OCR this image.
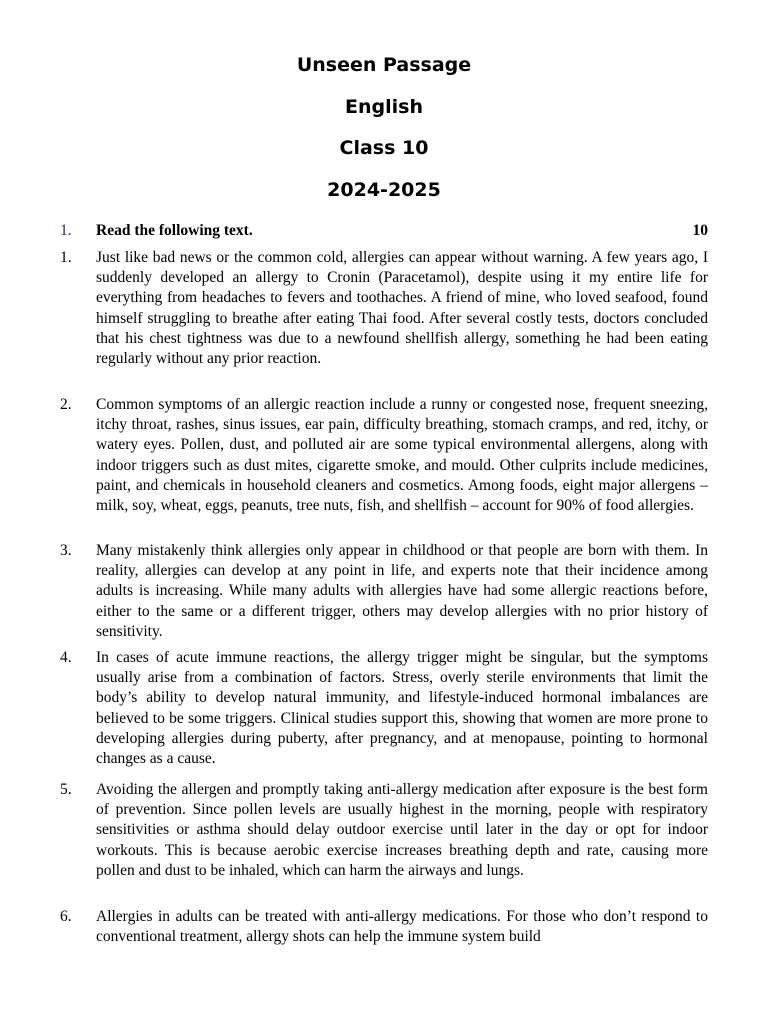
Unseen Passage
English
Class 10
2024-2025
1. Read the following text.	10
1. Just like bad news or the common cold, allergies can appear without warning. A few years ago, I suddenly developed an allergy to Cronin (Paracetamol), despite using it my entire life for everything from headaches to fevers and toothaches. A friend of mine, who loved seafood, found himself struggling to breathe after eating Thai food. After several costly tests, doctors concluded that his chest tightness was due to a newfound shellfish allergy, something he had been eating regularly without any prior reaction.
2. Common symptoms of an allergic reaction include a runny or congested nose, frequent sneezing, itchy throat, rashes, sinus issues, ear pain, difficulty breathing, stomach cramps, and red, itchy, or watery eyes. Pollen, dust, and polluted air are some typical environmental allergens, along with indoor triggers such as dust mites, cigarette smoke, and mould. Other culprits include medicines, paint, and chemicals in household cleaners and cosmetics. Among foods, eight major allergens – milk, soy, wheat, eggs, peanuts, tree nuts, fish, and shellfish – account for 90% of food allergies.
3. Many mistakenly think allergies only appear in childhood or that people are born with them. In reality, allergies can develop at any point in life, and experts note that their incidence among adults is increasing. While many adults with allergies have had some allergic reactions before, either to the same or a different trigger, others may develop allergies with no prior history of sensitivity.
4. In cases of acute immune reactions, the allergy trigger might be singular, but the symptoms usually arise from a combination of factors. Stress, overly sterile environments that limit the body’s ability to develop natural immunity, and lifestyle-induced hormonal imbalances are believed to be some triggers. Clinical studies support this, showing that women are more prone to developing allergies during puberty, after pregnancy, and at menopause, pointing to hormonal changes as a cause.
5. Avoiding the allergen and promptly taking anti-allergy medication after exposure is the best form of prevention. Since pollen levels are usually highest in the morning, people with respiratory sensitivities or asthma should delay outdoor exercise until later in the day or opt for indoor workouts. This is because aerobic exercise increases breathing depth and rate, causing more pollen and dust to be inhaled, which can harm the airways and lungs.
6. Allergies in adults can be treated with anti-allergy medications. For those who don’t respond to conventional treatment, allergy shots can help the immune system build
